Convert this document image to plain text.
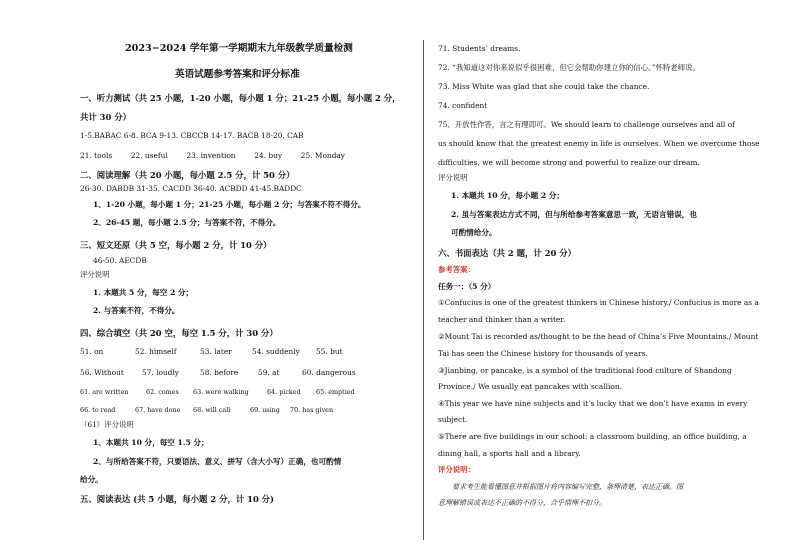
2023−2024 学年第一学期期末九年级教学质量检测
英语试题参考答案和评分标准
一、听力测试（共 25 小题，1-20 小题，每小题 1 分；21-25 小题，每小题 2 分，
共计 30 分）
1-5.BABAC 6-8. BCA 9-13. CBCCB 14-17. BACB 18-20. CAB
21. tools	22. useful	23. invention	24. buy	25. Monday
二、阅读理解（共 20 小题，每小题 2.5 分，计 50 分）
26-30. DABDB 31-35. CACDD 36-40. ACBDD 41-45.BADDC
1、1-20 小题，每小题 1 分；21-25 小题，每小题 2 分；与答案不符不得分。
2、26-45 题，每小题 2.5 分；与答案不符，不得分。
三、短文还原（共 5 空，每小题 2 分，计 10 分）
46-50. AECDB
评分说明
1. 本题共 5 分，每空 2 分；
2. 与答案不符，不得分。
四、综合填空（共 20 空，每空 1.5 分，计 30 分）
51. on	52. himself	53. later	54. suddenly 55. but
56. Without 57. loudly	58. before	59. at	60. dangerous
61. are written	62. comes 63. were walking	64. picked 65. emptied
66. to read	67. have done 68. will call	69. using 70. has given
（61）评分说明
1、本题共 10 分，每空 1.5 分；
2、与所给答案不符，只要语法、意义、拼写（含大小写）正确，也可酌情
给分。
五、阅读表达 (共 5 小题，每小题 2 分，计 10 分)
71. Students’ dreams.
72. “我知道这对你来说似乎很困难，但它会帮助你建立你的信心。”怀特老师说。
73. Miss White was glad that she could take the chance.
74. confident
75、开放性作答，言之有理即可。We should learn to challenge ourselves and all of
us should know that the greatest enemy in life is ourselves. When we overcome those
difficulties, we will become strong and powerful to realize our dream.
评分说明
1. 本题共 10 分，每小题 2 分；
2. 虽与答案表达方式不同，但与所给参考答案意思一致，无语言错误，也
可酌情给分。
六、书面表达（共 2 题，计 20 分）
参考答案：
任务一：（5 分）
①Confucius is one of the greatest thinkers in Chinese history./ Confucius is more as a
teacher and thinker than a writer.
②Mount Tai is recorded as/thought to be the head of China’s Five Mountains./ Mount
Tai has seen the Chinese history for thousands of years.
③Jianbing, or pancake, is a symbol of the traditional food culture of Shandong
Province./ We usually eat pancakes with scallion.
④This year we have nine subjects and it’s lucky that we don’t have exams in every
subject.
⑤There are five buildings in our school: a classroom building, an office building, a
dining hall, a sports hall and a library.
评分说明：
要求考生能看懂图意并根据图片将内容编写完整，条理清楚，表达正确。图
意理解错误或表达不正确的不得分，合乎情理不扣分。
